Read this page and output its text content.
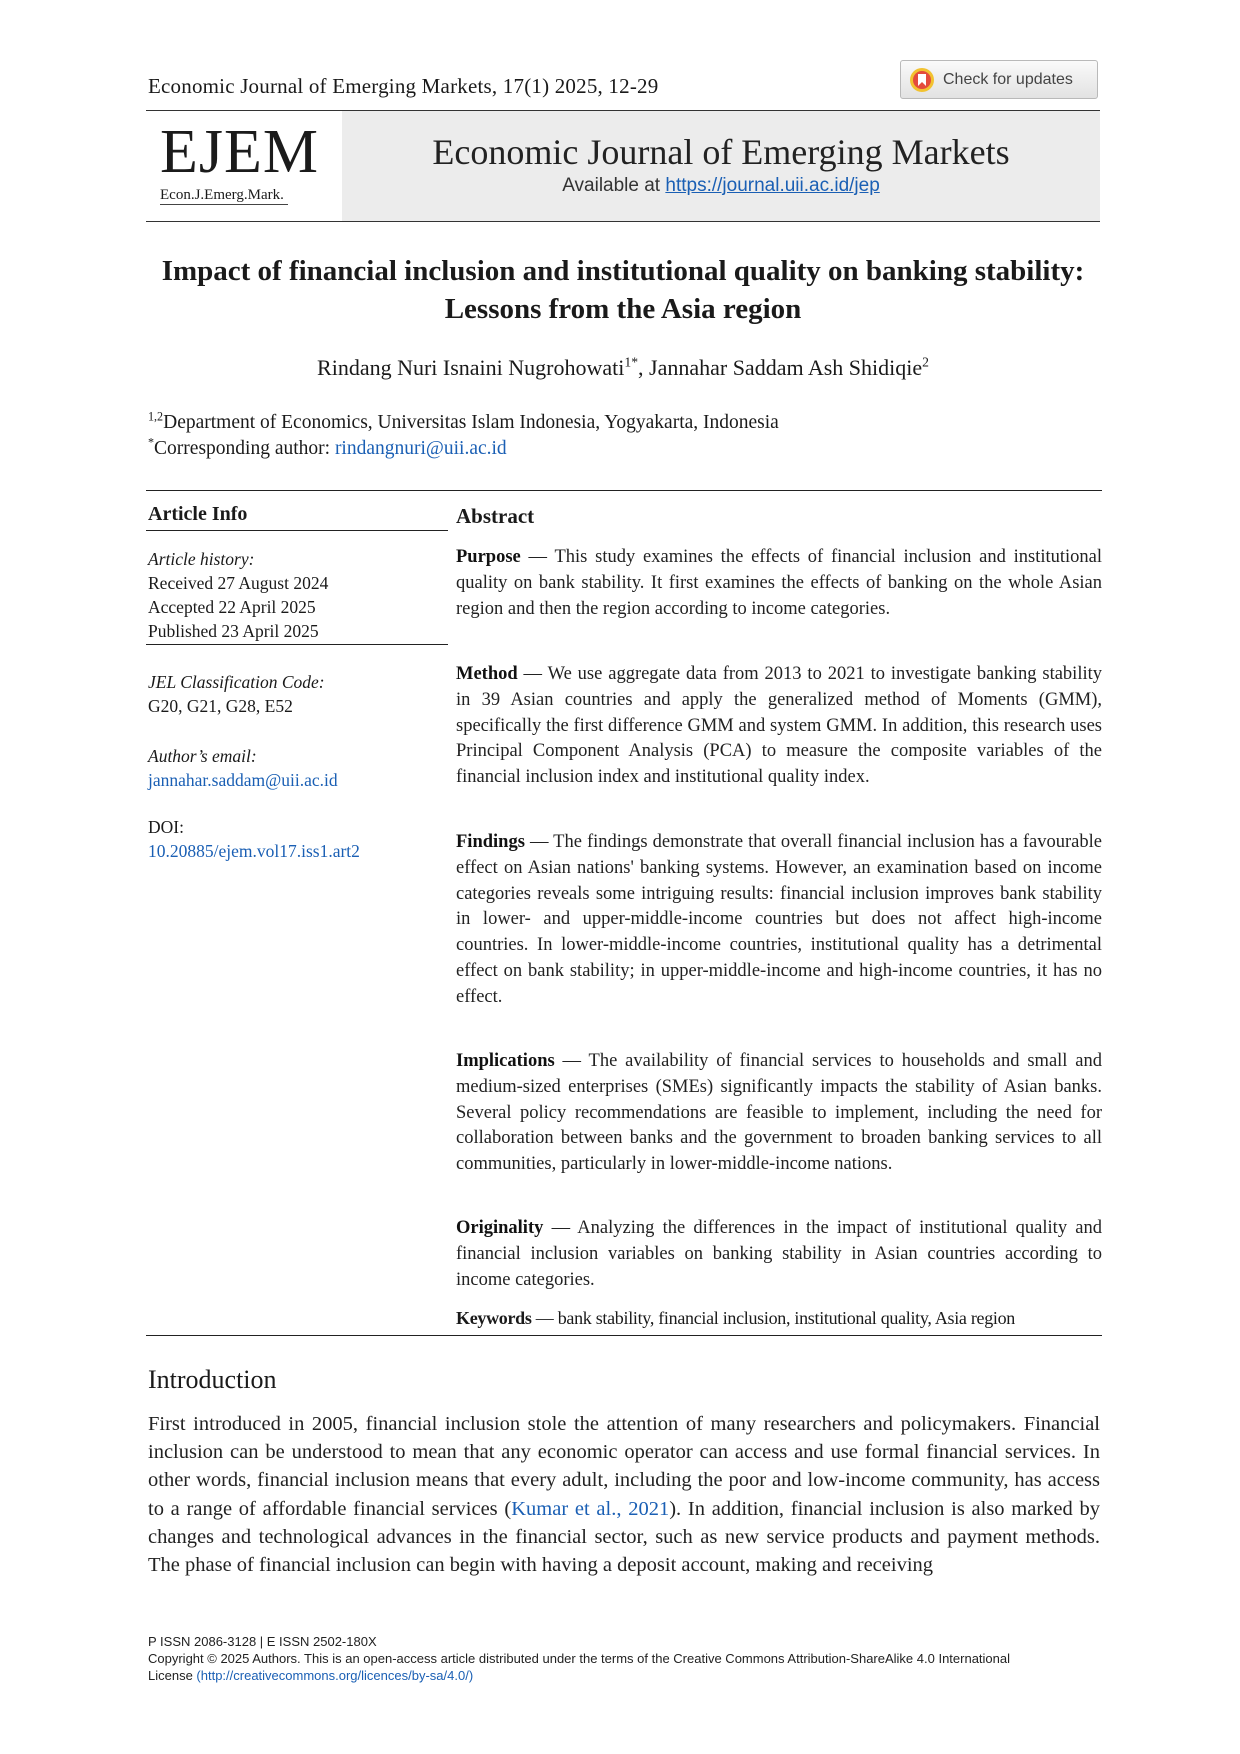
Economic Journal of Emerging Markets, 17(1) 2025, 12-29	Check for updates
EJEM
Econ.J.Emerg.Mark.
Economic Journal of Emerging Markets
Available at https://journal.uii.ac.id/jep
Impact of financial inclusion and institutional quality on banking stability: Lessons from the Asia region
Rindang Nuri Isnaini Nugrohowati$^{1*}$, Jannahar Saddam Ash Shidiqie$^2$
$^{1,2}$Department of Economics, Universitas Islam Indonesia, Yogyakarta, Indonesia
*Corresponding author: rindangnuri@uii.ac.id
Article Info
Article history:
Received 27 August 2024
Accepted 22 April 2025
Published 23 April 2025
JEL Classification Code:
G20, G21, G28, E52
Author’s email:
jannahar.saddam@uii.ac.id
DOI:
10.20885/ejem.vol17.iss1.art2
Abstract
Purpose — This study examines the effects of financial inclusion and institutional quality on bank stability. It first examines the effects of banking on the whole Asian region and then the region according to income categories.
Method — We use aggregate data from 2013 to 2021 to investigate banking stability in 39 Asian countries and apply the generalized method of Moments (GMM), specifically the first difference GMM and system GMM. In addition, this research uses Principal Component Analysis (PCA) to measure the composite variables of the financial inclusion index and institutional quality index.
Findings — The findings demonstrate that overall financial inclusion has a favourable effect on Asian nations' banking systems. However, an examination based on income categories reveals some intriguing results: financial inclusion improves bank stability in lower- and upper-middle-income countries but does not affect high-income countries. In lower-middle-income countries, institutional quality has a detrimental effect on bank stability; in upper-middle-income and high-income countries, it has no effect.
Implications — The availability of financial services to households and small and medium-sized enterprises (SMEs) significantly impacts the stability of Asian banks. Several policy recommendations are feasible to implement, including the need for collaboration between banks and the government to broaden banking services to all communities, particularly in lower-middle-income nations.
Originality — Analyzing the differences in the impact of institutional quality and financial inclusion variables on banking stability in Asian countries according to income categories.
Keywords — bank stability, financial inclusion, institutional quality, Asia region
Introduction
First introduced in 2005, financial inclusion stole the attention of many researchers and policymakers. Financial inclusion can be understood to mean that any economic operator can access and use formal financial services. In other words, financial inclusion means that every adult, including the poor and low-income community, has access to a range of affordable financial services (Kumar et al., 2021). In addition, financial inclusion is also marked by changes and technological advances in the financial sector, such as new service products and payment methods. The phase of financial inclusion can begin with having a deposit account, making and receiving
P ISSN 2086-3128 | E ISSN 2502-180X
Copyright © 2025 Authors. This is an open-access article distributed under the terms of the Creative Commons Attribution-ShareAlike 4.0 International
License (http://creativecommons.org/licences/by-sa/4.0/)
